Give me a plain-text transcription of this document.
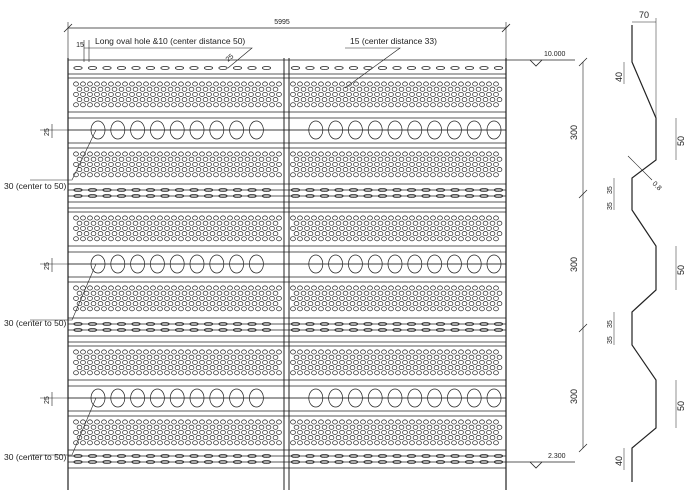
5995
15 Long oval hole &10 (center distance 50)	15 (center distance 33)
25
25
25
25
30 (center to 50)
30 (center to 50)
30 (center to 50)
10.000
2.300
70
40
40
50
50
50
300
300
300
35
35
35
35
0.8
